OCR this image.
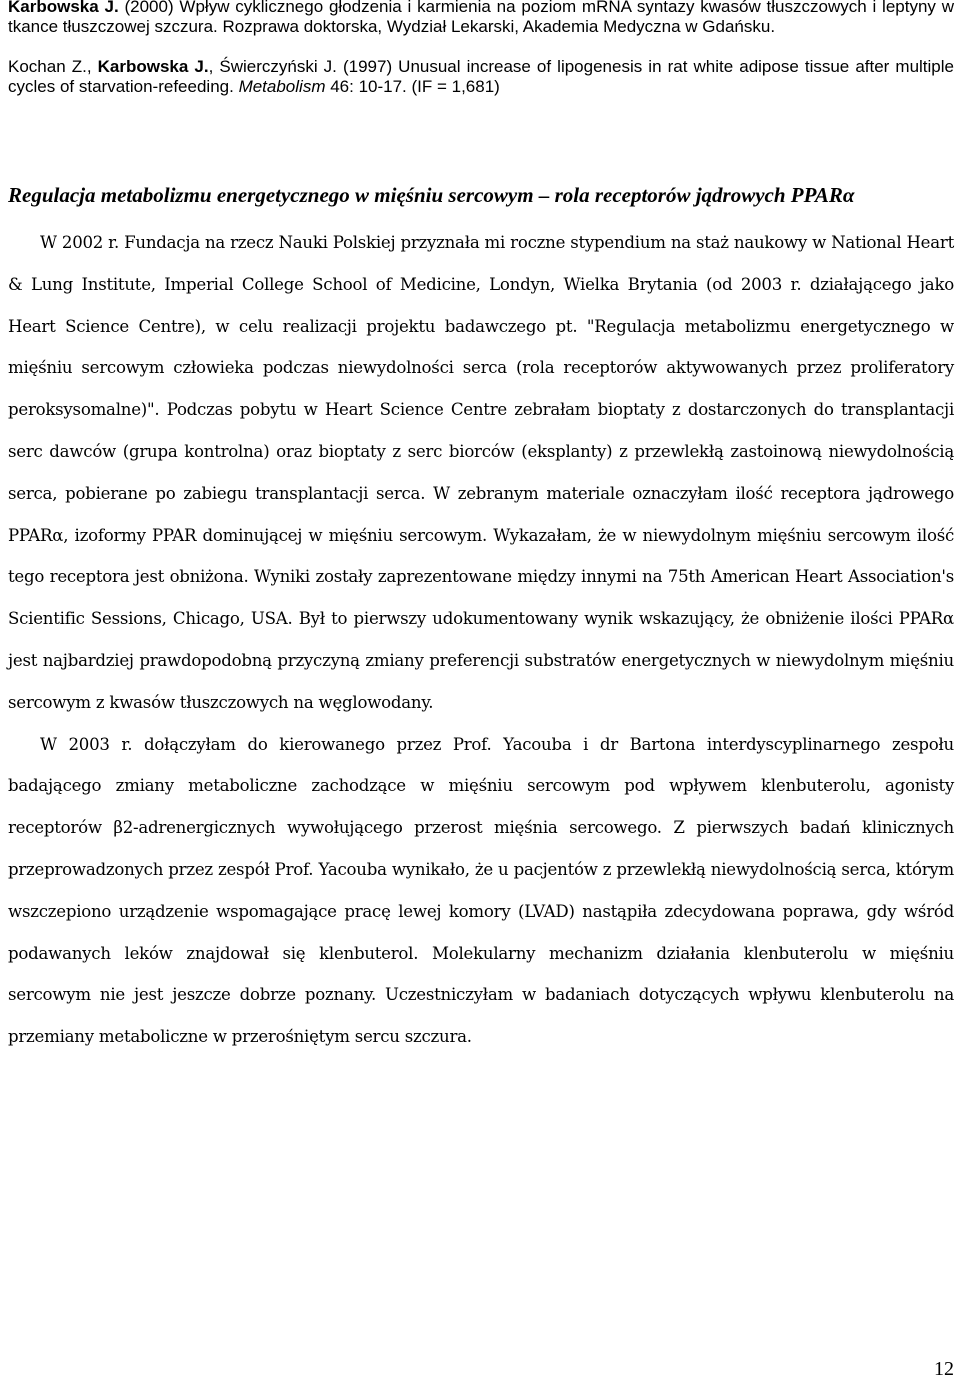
Karbowska J. (2000) Wpływ cyklicznego głodzenia i karmienia na poziom mRNA syntazy kwasów tłuszczowych i leptyny w tkance tłuszczowej szczura. Rozprawa doktorska, Wydział Lekarski, Akademia Medyczna w Gdańsku.

Kochan Z., Karbowska J., Świerczyński J. (1997) Unusual increase of lipogenesis in rat white adipose tissue after multiple cycles of starvation-refeeding. Metabolism 46: 10-17. (IF = 1,681)

Regulacja metabolizmu energetycznego w mięśniu sercowym – rola receptorów jądrowych PPARα

W 2002 r. Fundacja na rzecz Nauki Polskiej przyznała mi roczne stypendium na staż naukowy w National Heart & Lung Institute, Imperial College School of Medicine, Londyn, Wielka Brytania (od 2003 r. działającego jako Heart Science Centre), w celu realizacji projektu badawczego pt. "Regulacja metabolizmu energetycznego w mięśniu sercowym człowieka podczas niewydolności serca (rola receptorów aktywowanych przez proliferatory peroksysomalne)". Podczas pobytu w Heart Science Centre zebrałam bioptaty z dostarczonych do transplantacji serc dawców (grupa kontrolna) oraz bioptaty z serc biorców (eksplanty) z przewlekłą zastoinową niewydolnością serca, pobierane po zabiegu transplantacji serca. W zebranym materiale oznaczyłam ilość receptora jądrowego PPARα, izoformy PPAR dominującej w mięśniu sercowym. Wykazałam, że w niewydolnym mięśniu sercowym ilość tego receptora jest obniżona. Wyniki zostały zaprezentowane między innymi na 75th American Heart Association's Scientific Sessions, Chicago, USA. Był to pierwszy udokumentowany wynik wskazujący, że obniżenie ilości PPARα jest najbardziej prawdopodobną przyczyną zmiany preferencji substratów energetycznych w niewydolnym mięśniu sercowym z kwasów tłuszczowych na węglowodany.

W 2003 r. dołączyłam do kierowanego przez Prof. Yacouba i dr Bartona interdyscyplinarnego zespołu badającego zmiany metaboliczne zachodzące w mięśniu sercowym pod wpływem klenbuterolu, agonisty receptorów β2-adrenergicznych wywołującego przerost mięśnia sercowego. Z pierwszych badań klinicznych przeprowadzonych przez zespół Prof. Yacouba wynikało, że u pacjentów z przewlekłą niewydolnością serca, którym wszczepiono urządzenie wspomagające pracę lewej komory (LVAD) nastąpiła zdecydowana poprawa, gdy wśród podawanych leków znajdował się klenbuterol. Molekularny mechanizm działania klenbuterolu w mięśniu sercowym nie jest jeszcze dobrze poznany. Uczestniczyłam w badaniach dotyczących wpływu klenbuterolu na przemiany metaboliczne w przerośniętym sercu szczura.

12
